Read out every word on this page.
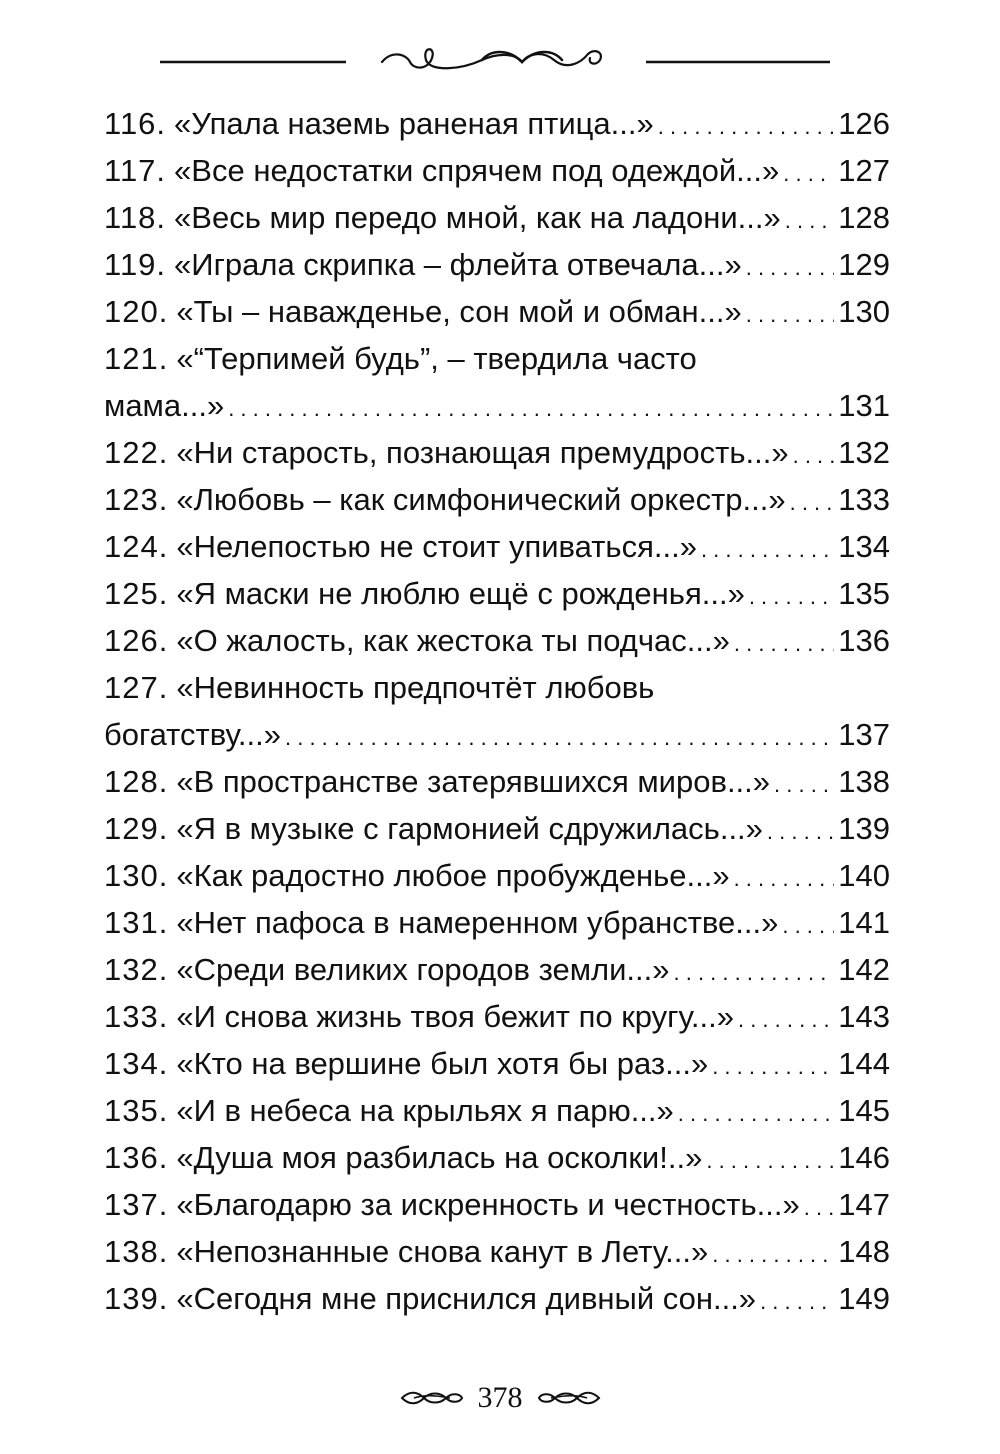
116. «Упала наземь раненая птица...» . . .	126
117. «Все недостатки спрячем под одеждой...» . . . 127
118. «Весь мир передо мной, как на ладони...» . . . 128
119. «Играла скрипка – флейта отвечала...» . . .	129
120. «Ты – наважденье, сон мой и обман...» . . .	130
121. «“Терпимей будь”, – твердила часто
мама...» . . .	131
122. «Ни старость, познающая премудрость...» . . . 132
123. «Любовь – как симфонический оркестр...» . . . 133
124. «Нелепостью не стоит упиваться...» . . .	134
125. «Я маски не люблю ещё с рожденья...» . . .	135
126. «О жалость, как жестока ты подчас...» . . .	136
127. «Невинность предпочтёт любовь
богатству...» . . .	137
128. «В пространстве затерявшихся миров...» . . . 138
129. «Я в музыке с гармонией сдружилась...» . . . 139
130. «Как радостно любое пробужденье...» . . .	140
131. «Нет пафоса в намеренном убранстве...» . . . 141
132. «Среди великих городов земли...» . . .	142
133. «И снова жизнь твоя бежит по кругу...» . . .	143
134. «Кто на вершине был хотя бы раз...» . . .	144
135. «И в небеса на крыльях я парю...» . . .	145
136. «Душа моя разбилась на осколки!..» . . .	146
137. «Благодарю за искренность и честность...» . . . 147
138. «Непознанные снова канут в Лету...» . . .	148
139. «Сегодня мне приснился дивный сон...» . . .	149
378
